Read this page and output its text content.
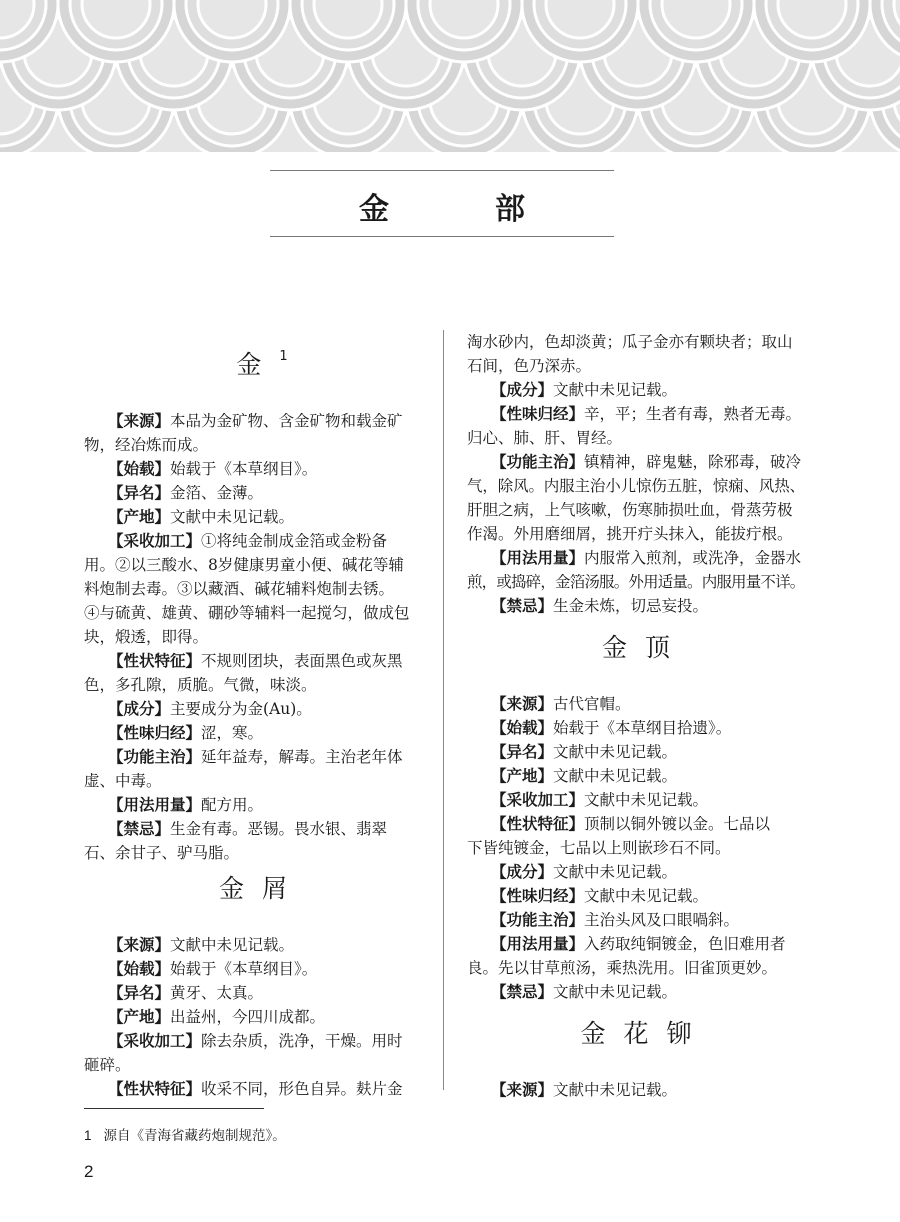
金　部
金$^1$
【来源】本品为金矿物、含金矿物和载金矿
物，经冶炼而成。
【始载】始载于《本草纲目》。
【异名】金箔、金薄。
【产地】文献中未见记载。
【采收加工】①将纯金制成金箔或金粉备
用。②以三酸水、8岁健康男童小便、碱花等辅
料炮制去毒。③以藏酒、碱花辅料炮制去锈。
④与硫黄、雄黄、硼砂等辅料一起搅匀，做成包
块，煅透，即得。
【性状特征】不规则团块，表面黑色或灰黑
色，多孔隙，质脆。气微，味淡。
【成分】主要成分为金(Au)。
【性味归经】涩，寒。
【功能主治】延年益寿，解毒。主治老年体
虚、中毒。
【用法用量】配方用。
【禁忌】生金有毒。恶锡。畏水银、翡翠
石、余甘子、驴马脂。
金屑
【来源】文献中未见记载。
【始载】始载于《本草纲目》。
【异名】黄牙、太真。
【产地】出益州，今四川成都。
【采收加工】除去杂质，洗净，干燥。用时
砸碎。
【性状特征】收采不同，形色自异。麸片金
淘水砂内，色却淡黄；瓜子金亦有颗块者；取山
石间，色乃深赤。
【成分】文献中未见记载。
【性味归经】辛，平；生者有毒，熟者无毒。
归心、肺、肝、胃经。
【功能主治】镇精神，辟鬼魅，除邪毒，破冷
气，除风。内服主治小儿惊伤五脏，惊痫、风热、
肝胆之病，上气咳嗽，伤寒肺损吐血，骨蒸劳极
作渴。外用磨细屑，挑开疔头抹入，能拔疔根。
【用法用量】内服常入煎剂，或洗净，金器水
煎，或捣碎，金箔汤服。外用适量。内服用量不详。
【禁忌】生金未炼，切忌妄投。
金顶
【来源】古代官帽。
【始载】始载于《本草纲目拾遗》。
【异名】文献中未见记载。
【产地】文献中未见记载。
【采收加工】文献中未见记载。
【性状特征】顶制以铜外镀以金。七品以
下皆纯镀金，七品以上则嵌珍石不同。
【成分】文献中未见记载。
【性味归经】文献中未见记载。
【功能主治】主治头风及口眼喎斜。
【用法用量】入药取纯铜镀金，色旧难用者
良。先以甘草煎汤，乘热洗用。旧雀顶更妙。
【禁忌】文献中未见记载。
金花铆
【来源】文献中未见记载。
1 源自《青海省藏药炮制规范》。
2
